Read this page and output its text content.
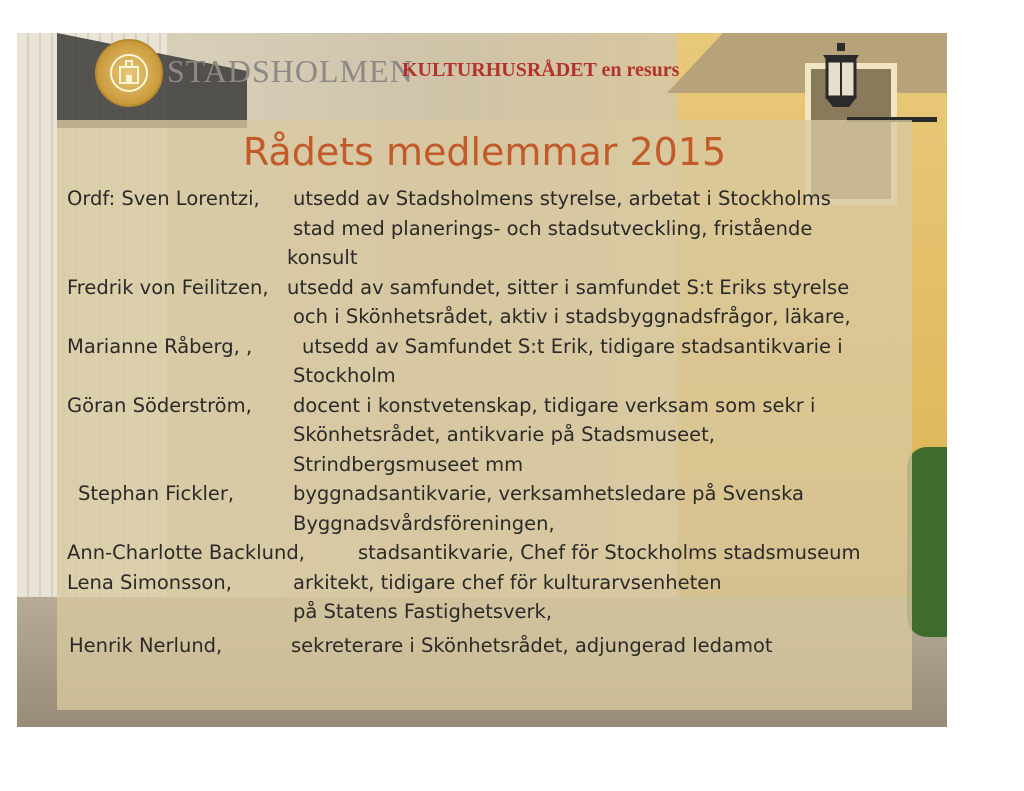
STADSHOLMEN
KULTURHUSRÅDET en resurs
Rådets medlemmar 2015
Ordf: Sven Lorentzi, utsedd av Stadsholmens styrelse, arbetat i Stockholms
stad med planerings- och stadsutveckling, fristående
konsult
Fredrik von Feilitzen, utsedd av samfundet, sitter i samfundet S:t Eriks styrelse
och i Skönhetsrådet, aktiv i stadsbyggnadsfrågor, läkare,
Marianne Råberg, ,	utsedd av Samfundet S:t Erik, tidigare stadsantikvarie i
Stockholm
Göran Söderström, docent i konstvetenskap, tidigare verksam som sekr i
Skönhetsrådet, antikvarie på Stadsmuseet,
Strindbergsmuseet mm
Stephan Fickler,	byggnadsantikvarie, verksamhetsledare på Svenska
Byggnadsvårdsföreningen,
Ann-Charlotte Backlund,	stadsantikvarie, Chef för Stockholms stadsmuseum
Lena Simonsson,	arkitekt, tidigare chef för kulturarvsenheten
på Statens Fastighetsverk,
Henrik Nerlund,	sekreterare i Skönhetsrådet, adjungerad ledamot
